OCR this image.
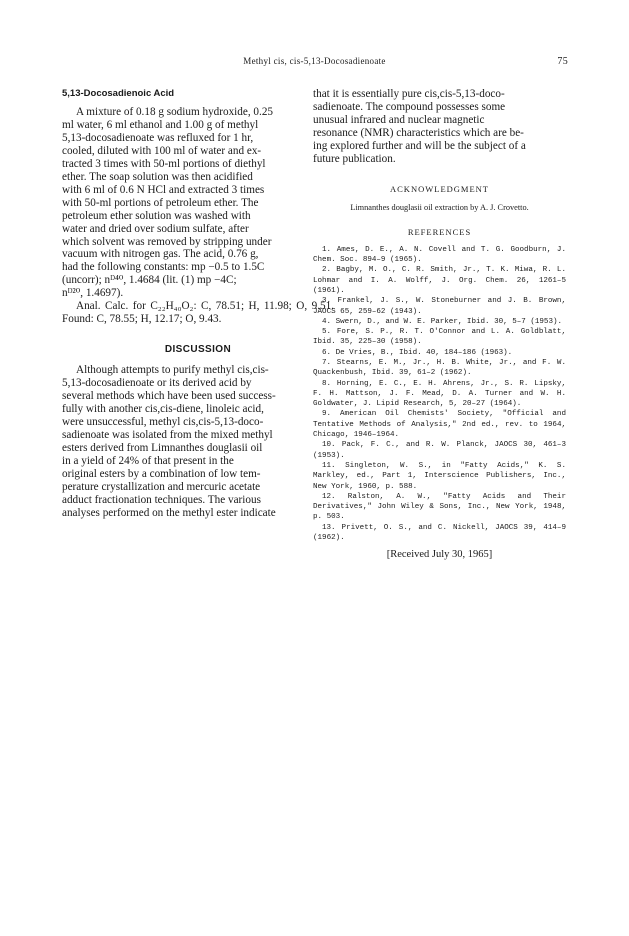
Methyl cis, cis-5,13-Docosadienoate	75
5,13-Docosadienoic Acid
A mixture of 0.18 g sodium hydroxide, 0.25
ml water, 6 ml ethanol and 1.00 g of methyl
5,13-docosadienoate was refluxed for 1 hr,
cooled, diluted with 100 ml of water and ex-
tracted 3 times with 50-ml portions of diethyl
ether. The soap solution was then acidified
with 6 ml of 0.6 N HCl and extracted 3 times
with 50-ml portions of petroleum ether. The
petroleum ether solution was washed with
water and dried over sodium sulfate, after
which solvent was removed by stripping under
vacuum with nitrogen gas. The acid, 0.76 g,
had the following constants: mp −0.5 to 1.5C
(uncorr); nᴰ⁴⁰, 1.4684 (lit. (1) mp −4C;
nᴰ²⁰, 1.4697).
Anal. Calc. for C₂₂H₄₀O₂: C, 78.51; H, 11.98; O, 9.51. Found: C, 78.55; H, 12.17; O, 9.43.
DISCUSSION
Although attempts to purify methyl cis,cis-
5,13-docosadienoate or its derived acid by
several methods which have been used success-
fully with another cis,cis-diene, linoleic acid,
were unsuccessful, methyl cis,cis-5,13-doco-
sadienoate was isolated from the mixed methyl
esters derived from Limnanthes douglasii oil
in a yield of 24% of that present in the
original esters by a combination of low tem-
perature crystallization and mercuric acetate
adduct fractionation techniques. The various
analyses performed on the methyl ester indicate
that it is essentially pure cis,cis-5,13-doco-
sadienoate. The compound possesses some
unusual infrared and nuclear magnetic
resonance (NMR) characteristics which are be-
ing explored further and will be the subject of a
future publication.
ACKNOWLEDGMENT
Limnanthes douglasii oil extraction by A. J. Crovetto.
REFERENCES
1. Ames, D. E., A. N. Covell and T. G. Goodburn, J. Chem. Soc. 894–9 (1965).
2. Bagby, M. O., C. R. Smith, Jr., T. K. Miwa, R. L. Lohmar and I. A. Wolff, J. Org. Chem. 26, 1261–5 (1961).
3. Frankel, J. S., W. Stoneburner and J. B. Brown, JAOCS 65, 259–62 (1943).
4. Swern, D., and W. E. Parker, Ibid. 30, 5–7 (1953).
5. Fore, S. P., R. T. O'Connor and L. A. Goldblatt, Ibid. 35, 225–30 (1958).
6. De Vries, B., Ibid. 40, 184–186 (1963).
7. Stearns, E. M., Jr., H. B. White, Jr., and F. W. Quackenbush, Ibid. 39, 61–2 (1962).
8. Horning, E. C., E. H. Ahrens, Jr., S. R. Lipsky, F. H. Mattson, J. F. Mead, D. A. Turner and W. H. Goldwater, J. Lipid Research, 5, 20–27 (1964).
9. American Oil Chemists' Society, "Official and Tentative Methods of Analysis," 2nd ed., rev. to 1964, Chicago, 1946–1964.
10. Pack, F. C., and R. W. Planck, JAOCS 30, 461–3 (1953).
11. Singleton, W. S., in "Fatty Acids," K. S. Markley, ed., Part 1, Interscience Publishers, Inc., New York, 1960, p. 588.
12. Ralston, A. W., "Fatty Acids and Their Derivatives," John Wiley & Sons, Inc., New York, 1948, p. 503.
13. Privett, O. S., and C. Nickell, JAOCS 39, 414–9 (1962).
[Received July 30, 1965]
